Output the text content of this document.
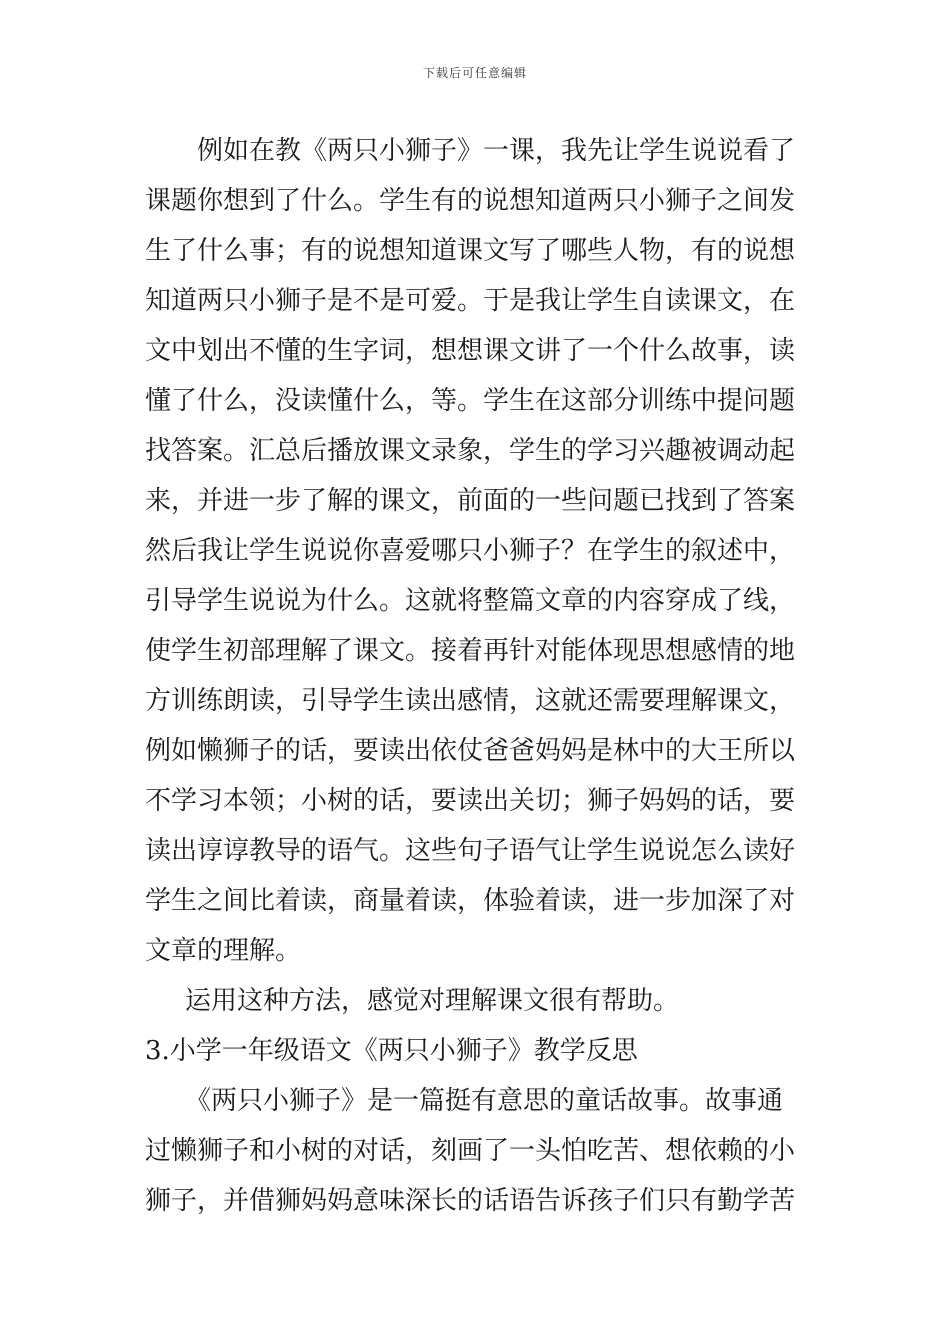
下载后可任意编辑
例如在教《两只小狮子》一课，我先让学生说说看了
课题你想到了什么。学生有的说想知道两只小狮子之间发
生了什么事；有的说想知道课文写了哪些人物，有的说想
知道两只小狮子是不是可爱。于是我让学生自读课文，在
文中划出不懂的生字词，想想课文讲了一个什么故事，读
懂了什么，没读懂什么，等。学生在这部分训练中提问题
找答案。汇总后播放课文录象，学生的学习兴趣被调动起
来，并进一步了解的课文，前面的一些问题已找到了答案
然后我让学生说说你喜爱哪只小狮子？在学生的叙述中，
引导学生说说为什么。这就将整篇文章的内容穿成了线，
使学生初部理解了课文。接着再针对能体现思想感情的地
方训练朗读，引导学生读出感情，这就还需要理解课文，
例如懒狮子的话，要读出依仗爸爸妈妈是林中的大王所以
不学习本领；小树的话，要读出关切；狮子妈妈的话，要
读出谆谆教导的语气。这些句子语气让学生说说怎么读好
学生之间比着读，商量着读，体验着读，进一步加深了对
文章的理解。
运用这种方法，感觉对理解课文很有帮助。
3.小学一年级语文《两只小狮子》教学反思
《两只小狮子》是一篇挺有意思的童话故事。故事通
过懒狮子和小树的对话，刻画了一头怕吃苦、想依赖的小
狮子，并借狮妈妈意味深长的话语告诉孩子们只有勤学苦
